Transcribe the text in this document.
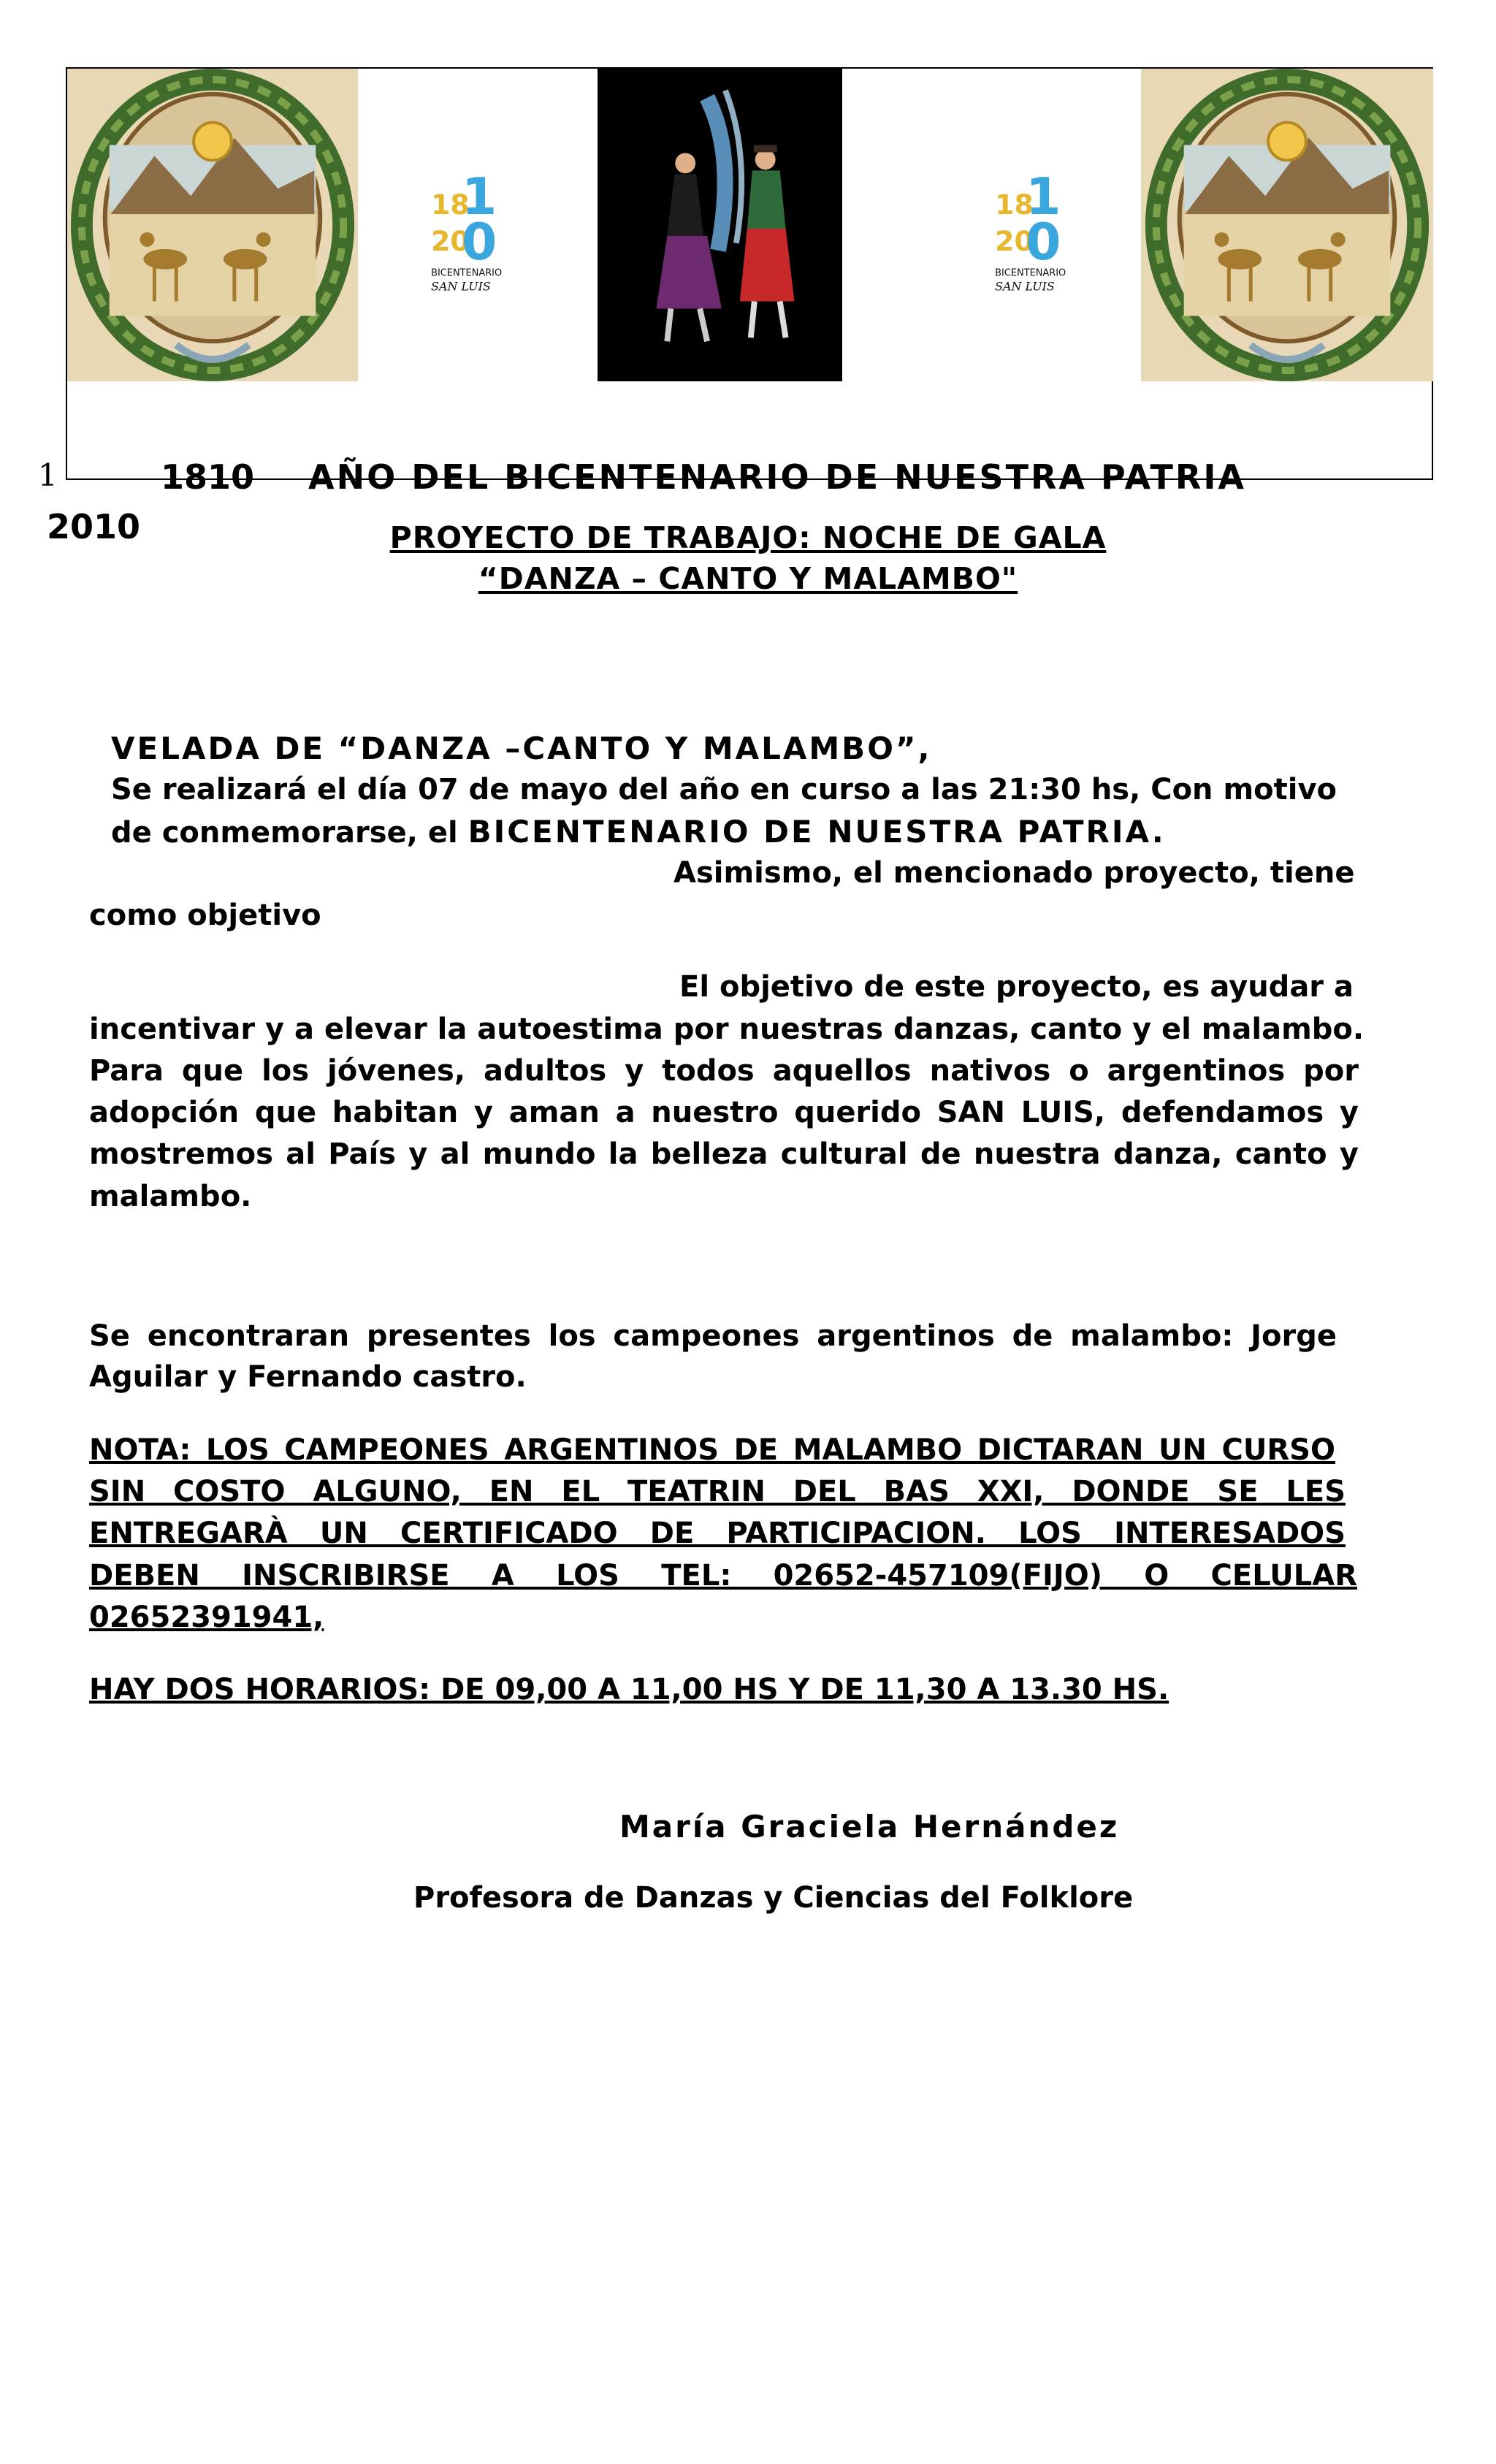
18
1
20
0
BICENTENARIO
SAN LUIS
18
1
20
0
BICENTENARIO
SAN LUIS
1	1810 AÑO DEL BICENTENARIO DE NUESTRA PATRIA
2010	PROYECTO DE TRABAJO: NOCHE DE GALA
“DANZA – CANTO Y MALAMBO"
VELADA DE “DANZA –CANTO Y MALAMBO”,
Se realizará el día 07 de mayo del año en curso a las 21:30 hs, Con motivo
de conmemorarse, el BICENTENARIO DE NUESTRA PATRIA.
Asimismo, el mencionado proyecto, tiene
como objetivo
El objetivo de este proyecto, es ayudar a
incentivar y a elevar la autoestima por nuestras danzas, canto y el malambo.
Para que los jóvenes, adultos y todos aquellos nativos o argentinos por
adopción que habitan y aman a nuestro querido SAN LUIS, defendamos y
mostremos al País y al mundo la belleza cultural de nuestra danza, canto y
malambo.
Se encontraran presentes los campeones argentinos de malambo: Jorge
Aguilar y Fernando castro.
NOTA: LOS CAMPEONES ARGENTINOS DE MALAMBO DICTARAN UN CURSO
SIN COSTO ALGUNO, EN EL TEATRIN DEL BAS XXI, DONDE SE LES
ENTREGARÀ UN CERTIFICADO DE PARTICIPACION. LOS INTERESADOS
DEBEN INSCRIBIRSE A LOS TEL: 02652-457109(FIJO) O CELULAR
02652391941,
HAY DOS HORARIOS: DE 09,00 A 11,00 HS Y DE 11,30 A 13.30 HS.
María Graciela Hernández
Profesora de Danzas y Ciencias del Folklore
